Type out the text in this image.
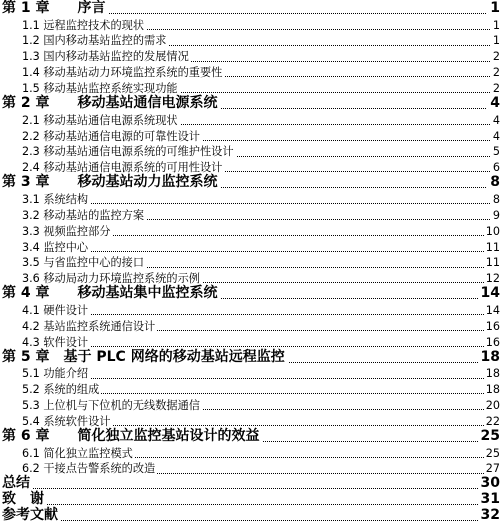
第 1 章　　序言	1
1.1 远程监控技术的现状	1
1.2 国内移动基站监控的需求	1
1.3 国内移动基站监控的发展情况	2
1.4 移动基站动力环境监控系统的重要性	2
1.5 移动基站监控系统实现功能	2
第 2 章　　移动基站通信电源系统	4
2.1 移动基站通信电源系统现状	4
2.2 移动基站通信电源的可靠性设计	4
2.3 移动基站通信电源系统的可维护性设计	5
2.4 移动基站通信电源系统的可用性设计	6
第 3 章　　移动基站动力监控系统	8
3.1 系统结构	8
3.2 移动基站的监控方案	9
3.3 视频监控部分	10
3.4 监控中心	11
3.5 与省监控中心的接口	11
3.6 移动局动力环境监控系统的示例	12
第 4 章　　移动基站集中监控系统	14
4.1 硬件设计	14
4.2 基站监控系统通信设计	16
4.3 软件设计	16
第 5 章　基于 PLC 网络的移动基站远程监控	18
5.1 功能介绍	18
5.2 系统的组成	18
5.3 上位机与下位机的无线数据通信	20
5.4 系统软件设计	22
第 6 章　　简化独立监控基站设计的效益	25
6.1 简化独立监控模式	25
6.2 干接点告警系统的改造	27
总结	30
致　谢	31
参考文献	32
